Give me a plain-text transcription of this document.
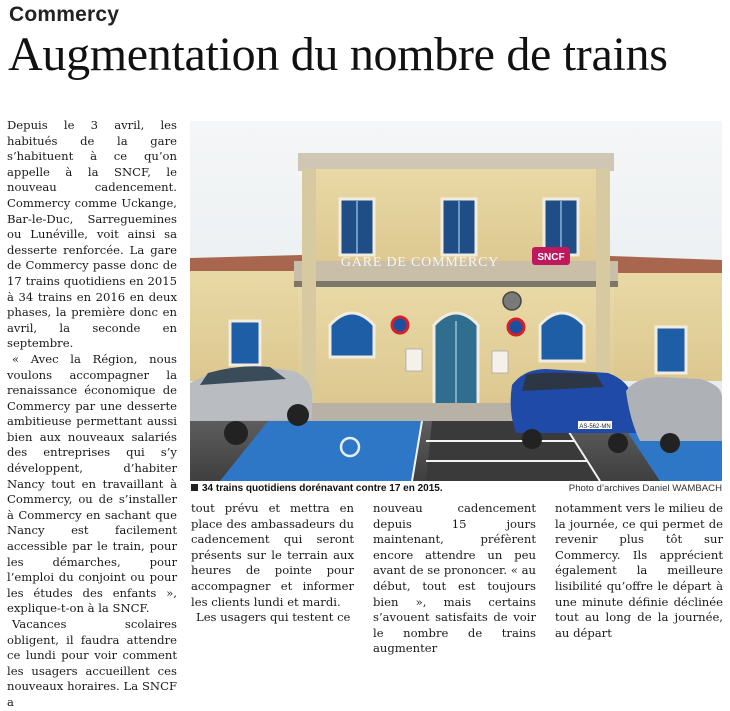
Commercy
Augmentation du nombre de trains

Depuis le 3 avril, les habitués de la gare s’habituent à ce qu’on appelle à la SNCF, le nouveau cadencement. Commercy comme Uckange, Bar-le-Duc, Sarreguemines ou Lunéville, voit ainsi sa desserte renforcée. La gare de Commercy passe donc de 17 trains quotidiens en 2015 à 34 trains en 2016 en deux phases, la première donc en avril, la seconde en septembre.

« Avec la Région, nous voulons accompagner la renaissance économique de Commercy par une desserte ambitieuse permettant aussi bien aux nouveaux salariés des entreprises qui s’y développent, d’habiter Nancy tout en travaillant à Commercy, ou de s’installer à Commercy en sachant que Nancy est facilement accessible par le train, pour les démarches, pour l’emploi du conjoint ou pour les études des enfants », explique-t-on à la SNCF.

Vacances scolaires obligent, il faudra attendre ce lundi pour voir comment les usagers accueillent ces nouveaux horaires. La SNCF a

GARE DE COMMERCY	SNCF
AS-562-MN
34 trains quotidiens dorénavant contre 17 en 2015.	Photo d’archives Daniel WAMBACH

tout prévu et mettra en place des ambassadeurs du cadencement qui seront présents sur le terrain aux heures de pointe pour accompagner et informer les clients lundi et mardi.

Les usagers qui testent ce

nouveau cadencement depuis 15 jours maintenant, préfèrent encore attendre un peu avant de se prononcer. « au début, tout est toujours bien », mais certains s’avouent satisfaits de voir le nombre de trains augmenter

notamment vers le milieu de la journée, ce qui permet de revenir plus tôt sur Commercy. Ils apprécient également la meilleure lisibilité qu’offre le départ à une minute définie déclinée tout au long de la journée, au départ
